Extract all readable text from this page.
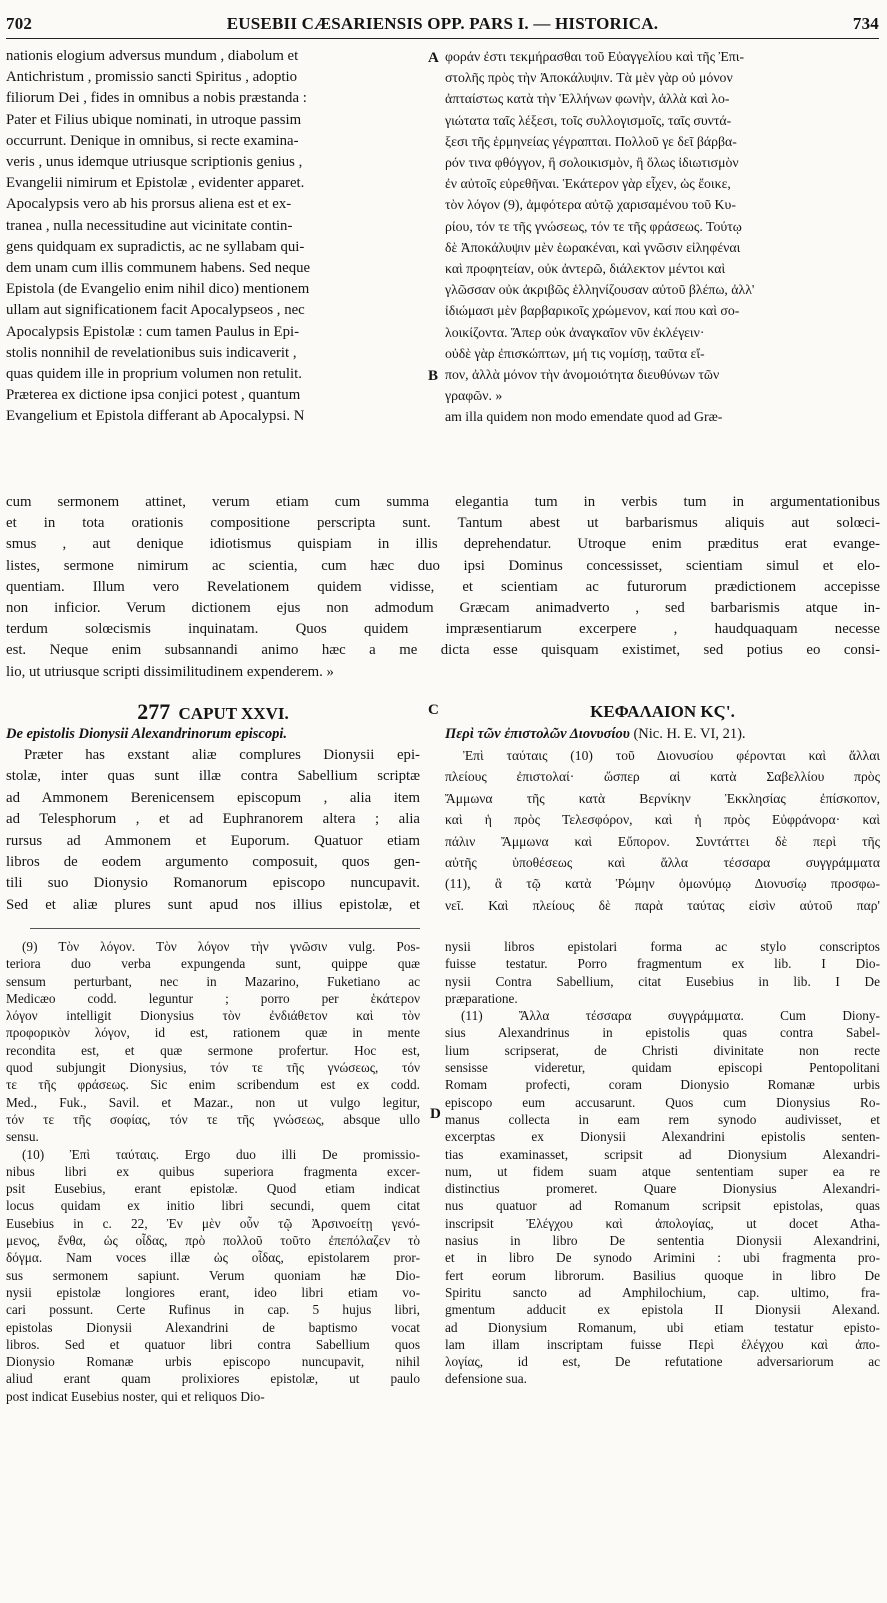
702	EUSEBII CÆSARIENSIS OPP. PARS I. — HISTORICA.	734
nationis elogium adversus mundum , diabolum et
Antichristum , promissio sancti Spiritus , adoptio
filiorum Dei , fides in omnibus a nobis præstanda :
Pater et Filius ubique nominati, in utroque passim
occurrunt. Denique in omnibus, si recte examina-
veris , unus idemque utriusque scriptionis genius ,
Evangelii nimirum et Epistolæ , evidenter apparet.
Apocalypsis vero ab his prorsus aliena est et ex-
tranea , nulla necessitudine aut vicinitate contin-
gens quidquam ex supradictis, ac ne syllabam qui-
dem unam cum illis communem habens. Sed neque
Epistola (de Evangelio enim nihil dico) mentionem
ullam aut significationem facit Apocalypseos , nec
Apocalypsis Epistolæ : cum tamen Paulus in Epi-
stolis nonnihil de revelationibus suis indicaverit ,
quas quidem ille in proprium volumen non retulit.
Præterea ex dictione ipsa conjici potest , quantum
Evangelium et Epistola differant ab Apocalypsi. N
φοράν ἐστι τεκμήρασθαι τοῦ Εὐαγγελίου καὶ τῆς Ἐπι-
στολῆς πρὸς τὴν Ἀποκάλυψιν. Τὰ μὲν γὰρ οὐ μόνον
ἀπταίστως κατὰ τὴν Ἑλλήνων φωνὴν, ἀλλὰ καὶ λο-
γιώτατα ταῖς λέξεσι, τοῖς συλλογισμοῖς, ταῖς συντά-
ξεσι τῆς ἑρμηνείας γέγραπται. Πολλοῦ γε δεῖ βάρβα-
ρόν τινα φθόγγον, ἢ σολοικισμὸν, ἢ ὅλως ἰδιωτισμὸν
ἐν αὐτοῖς εὑρεθῆναι. Ἑκάτερον γὰρ εἶχεν, ὡς ἔοικε,
τὸν λόγον (9), ἀμφότερα αὐτῷ χαρισαμένου τοῦ Κυ-
ρίου, τόν τε τῆς γνώσεως, τόν τε τῆς φράσεως. Τούτῳ
δὲ Ἀποκάλυψιν μὲν ἑωρακέναι, καὶ γνῶσιν εἰληφέναι
καὶ προφητείαν, οὐκ ἀντερῶ, διάλεκτον μέντοι καὶ
γλῶσσαν οὐκ ἀκριβῶς ἑλληνίζουσαν αὐτοῦ βλέπω, ἀλλ'
ἰδιώμασι μὲν βαρβαρικοῖς χρώμενον, καί που καὶ σο-
λοικίζοντα. Ἅπερ οὐκ ἀναγκαῖον νῦν ἐκλέγειν·
οὐδὲ γὰρ ἐπισκώπτων, μή τις νομίσῃ, ταῦτα εἴ-
πον, ἀλλὰ μόνον τὴν ἀνομοιότητα διευθύνων τῶν
γραφῶν. »
am illa quidem non modo emendate quod ad Græ-
A
B
cum sermonem attinet, verum etiam cum summa elegantia tum in verbis tum in argumentationibus
et in tota orationis compositione perscripta sunt. Tantum abest ut barbarismus aliquis aut solœci-
smus , aut denique idiotismus quispiam in illis deprehendatur. Utroque enim præditus erat evange-
listes, sermone nimirum ac scientia, cum hæc duo ipsi Dominus concessisset, scientiam simul et elo-
quentiam. Illum vero Revelationem quidem vidisse, et scientiam ac futurorum prædictionem accepisse
non inficior. Verum dictionem ejus non admodum Græcam animadverto , sed barbarismis atque in-
terdum solœcismis inquinatam. Quos quidem impræsentiarum excerpere , haudquaquam necesse
est. Neque enim subsannandi animo hæc a me dicta esse quisquam existimet, sed potius eo consi-
lio, ut utriusque scripti dissimilitudinem expenderem. »
277 CAPUT XXVI.
De epistolis Dionysii Alexandrinorum episcopi.
Præter has exstant aliæ complures Dionysii epi-
stolæ, inter quas sunt illæ contra Sabellium scriptæ
ad Ammonem Berenicensem episcopum , alia item
ad Telesphorum , et ad Euphranorem altera ; alia
rursus ad Ammonem et Euporum. Quatuor etiam
libros de eodem argumento composuit, quos gen-
tili suo Dionysio Romanorum episcopo nuncupavit.
Sed et aliæ plures sunt apud nos illius epistolæ, et
C	ΚΕΦΑΛΑΙΟΝ ΚϚ'.
Περὶ τῶν ἐπιστολῶν Διονυσίου (Nic. H. E. VI, 21).
Ἐπὶ ταύταις (10) τοῦ Διονυσίου φέρονται καὶ ἄλλαι
πλείους ἐπιστολαί· ὥσπερ αἱ κατὰ Σαβελλίου πρὸς
Ἄμμωνα τῆς κατὰ Βερνίκην Ἐκκλησίας ἐπίσκοπον,
καὶ ἡ πρὸς Τελεσφόρον, καὶ ἡ πρὸς Εὐφράνορα· καὶ
πάλιν Ἄμμωνα καὶ Εὔπορον. Συντάττει δὲ περὶ τῆς
αὐτῆς ὑποθέσεως καὶ ἄλλα τέσσαρα συγγράμματα
(11), ἃ τῷ κατὰ Ῥώμην ὁμωνύμῳ Διονυσίῳ προσφω-
νεῖ. Καὶ πλείους δὲ παρὰ ταύτας εἰσὶν αὐτοῦ παρ'
(9) Τὸν λόγον. Τὸν λόγον τὴν γνῶσιν vulg. Pos-
teriora duo verba expungenda sunt, quippe quæ
sensum perturbant, nec in Mazarino, Fuketiano ac
Medicæo codd. leguntur ; porro per ἑκάτερον
λόγον intelligit Dionysius τὸν ἐνδιάθετον καὶ τὸν
προφορικὸν λόγον, id est, rationem quæ in mente
recondita est, et quæ sermone profertur. Hoc est,
quod subjungit Dionysius, τόν τε τῆς γνώσεως, τόν
τε τῆς φράσεως. Sic enim scribendum est ex codd.
Med., Fuk., Savil. et Mazar., non ut vulgo legitur,
τόν τε τῆς σοφίας, τόν τε τῆς γνώσεως, absque ullo
sensu.
(10) Ἐπὶ ταύταις. Ergo duo illi De promissio-
nibus libri ex quibus superiora fragmenta excer-
psit Eusebius, erant epistolæ. Quod etiam indicat
locus quidam ex initio libri secundi, quem citat
Eusebius in c. 22, Ἐν μὲν οὖν τῷ Ἀρσινοείτῃ γενό-
μενος, ἔνθα, ὡς οἶδας, πρὸ πολλοῦ τοῦτο ἐπεπόλαζεν τὸ
δόγμα. Nam voces illæ ὡς οἶδας, epistolarem pror-
sus sermonem sapiunt. Verum quoniam hæ Dio-
nysii epistolæ longiores erant, ideo libri etiam vo-
cari possunt. Certe Rufinus in cap. 5 hujus libri,
epistolas Dionysii Alexandrini de baptismo vocat
libros. Sed et quatuor libri contra Sabellium quos
Dionysio Romanæ urbis episcopo nuncupavit, nihil
aliud erant quam prolixiores epistolæ, ut paulo
post indicat Eusebius noster, qui et reliquos Dio-
D
nysii libros epistolari forma ac stylo conscriptos
fuisse testatur. Porro fragmentum ex lib. I Dio-
nysii Contra Sabellium, citat Eusebius in lib. I De
præparatione.
(11) Ἄλλα τέσσαρα συγγράμματα. Cum Diony-
sius Alexandrinus in epistolis quas contra Sabel-
lium scripserat, de Christi divinitate non recte
sensisse videretur, quidam episcopi Pentopolitani
Romam profecti, coram Dionysio Romanæ urbis
episcopo eum accusarunt. Quos cum Dionysius Ro-
manus collecta in eam rem synodo audivisset, et
excerptas ex Dionysii Alexandrini epistolis senten-
tias examinasset, scripsit ad Dionysium Alexandri-
num, ut fidem suam atque sententiam super ea re
distinctius promeret. Quare Dionysius Alexandri-
nus quatuor ad Romanum scripsit epistolas, quas
inscripsit Ἐλέγχου καὶ ἀπολογίας, ut docet Atha-
nasius in libro De sententia Dionysii Alexandrini,
et in libro De synodo Arimini : ubi fragmenta pro-
fert eorum librorum. Basilius quoque in libro De
Spiritu sancto ad Amphilochium, cap. ultimo, fra-
gmentum adducit ex epistola II Dionysii Alexand.
ad Dionysium Romanum, ubi etiam testatur episto-
lam illam inscriptam fuisse Περὶ ἐλέγχου καὶ ἀπο-
λογίας, id est, De refutatione adversariorum ac
defensione sua.
